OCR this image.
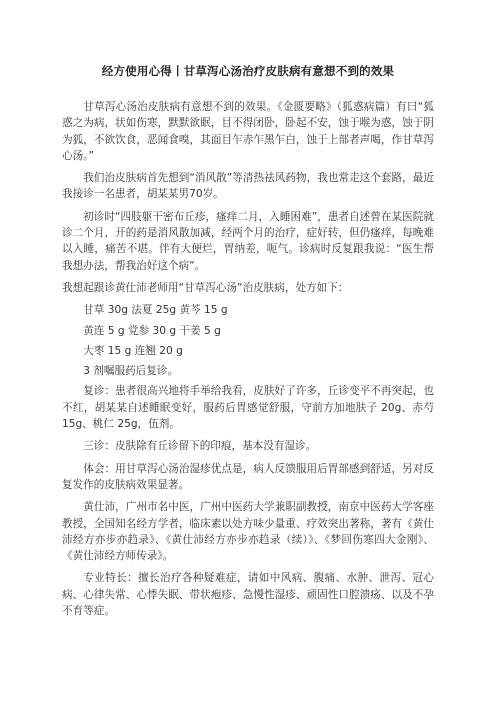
经方使用心得丨甘草泻心汤治疗皮肤病有意想不到的效果

甘草泻心汤治皮肤病有意想不到的效果。《金匮要略》（狐惑病篇）有曰“狐惑之为病，状如伤寒，默默欲眠，目不得闭卧，卧起不安，蚀于喉为惑，蚀于阴为狐，不欲饮食，恶闻食嗅，其面目乍赤乍黑乍白，蚀于上部者声喝，作甘草泻心汤。”

我们治皮肤病首先想到“消风散”等清热祛风药物，我也常走这个套路，最近我接诊一名患者，胡某某男70岁。

初诊时“四肢躯干密布丘疹，瘙痒二月，入睡困难”，患者自述曾在某医院就诊二个月，开的药是消风散加减，经两个月的治疗，症好转，但仍瘙痒，每晚难以入睡，痛苦不堪。伴有大便烂，胃纳差，呃气。诊病时反复跟我说：“医生帮我想办法，帮我治好这个病”。

我想起跟诊黄仕沛老师用“甘草泻心汤”治皮肤病，处方如下：

甘草 30g 法夏 25g 黄芩 15 g

黄连 5 g 党参 30 g 干姜 5 g

大枣 15 g 连翘 20 g

3 剂嘱服药后复诊。

复诊：患者很高兴地将手举给我看，皮肤好了许多，丘诊变平不再突起，也不红，胡某某自述睡眠变好，服药后胃感觉舒服，守前方加地肤子 20g、赤芍 15g、桃仁 25g，伍剂。

三诊：皮肤除有丘诊留下的印痕，基本没有湿诊。

体会：用甘草泻心汤治湿疹优点是，病人反馈服用后胃部感到舒适，另对反复发作的皮肤病效果显著。

黄仕沛，广州市名中医，广州中医药大学兼职副教授，南京中医药大学客座教授，全国知名经方学者，临床素以处方味少量重、疗效突出著称，著有《黄仕沛经方亦步亦趋录》、《黄仕沛经方亦步亦趋录（续）》、《梦回伤寒四大金刚》、《黄仕沛经方师传录》。

专业特长：擅长治疗各种疑难症，请如中风病、腹痛、水肿、泄泻、冠心病、心律失常、心悸失眠、带状疱疹、急慢性湿疹、顽固性口腔溃疡、以及不孕不育等症。
